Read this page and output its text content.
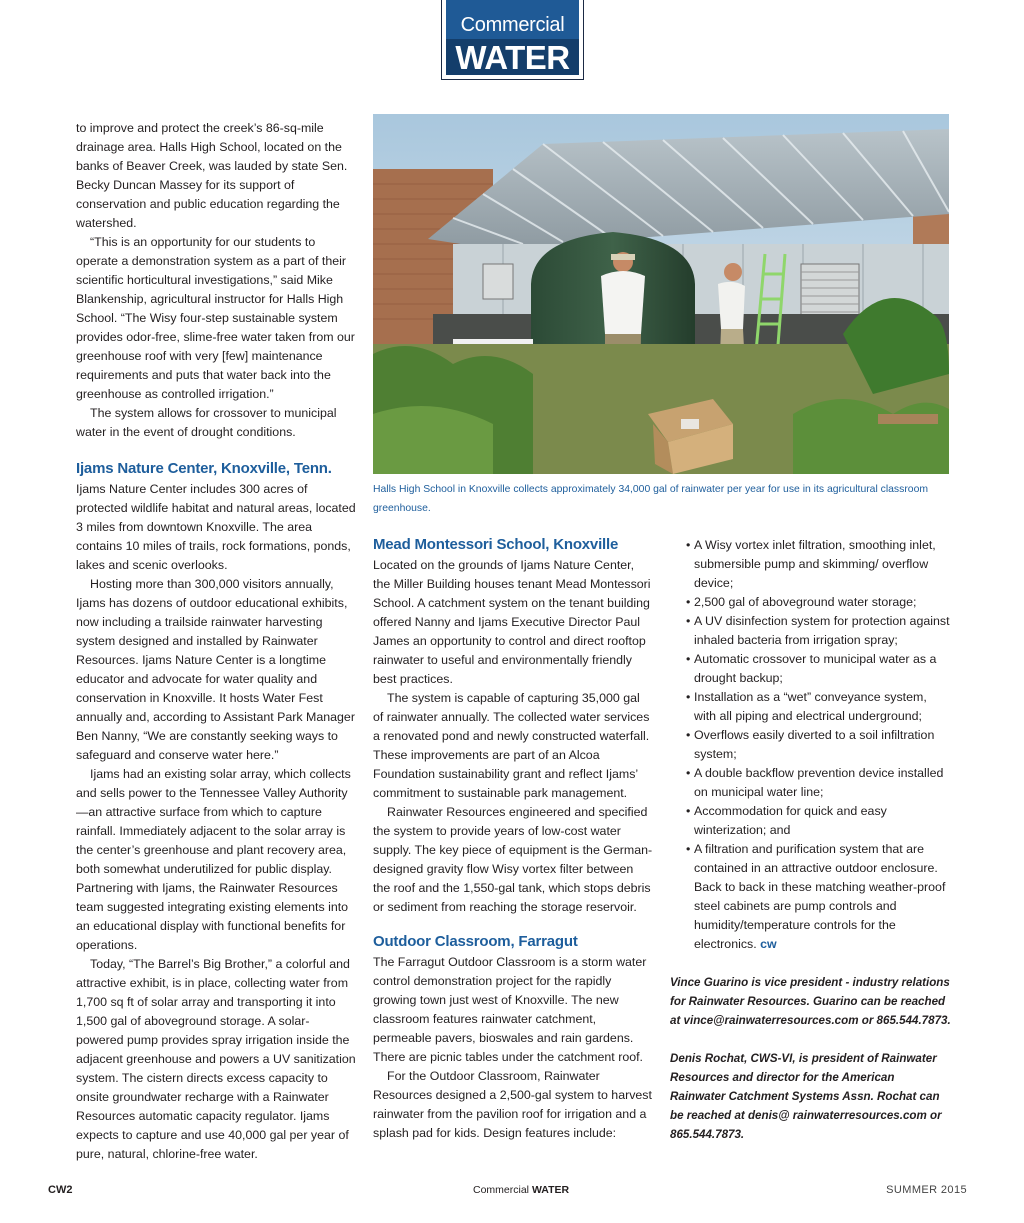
Commercial
WATER

to improve and protect the creek’s 86-sq-mile drainage area. Halls High School, located on the banks of Beaver Creek, was lauded by state Sen. Becky Duncan Massey for its support of conservation and public education regarding the watershed.

“This is an opportunity for our students to operate a demonstration system as a part of their scientific horticultural investigations,” said Mike Blankenship, agricultural instructor for Halls High School. “The Wisy four-step sustainable system provides odor-free, slime-free water taken from our greenhouse roof with very [few] maintenance requirements and puts that water back into the greenhouse as controlled irrigation.”

The system allows for crossover to municipal water in the event of drought conditions.

Ijams Nature Center, Knoxville, Tenn.

Ijams Nature Center includes 300 acres of protected wildlife habitat and natural areas, located 3 miles from downtown Knoxville. The area contains 10 miles of trails, rock formations, ponds, lakes and scenic overlooks.

Hosting more than 300,000 visitors annually, Ijams has dozens of outdoor educational exhibits, now including a trailside rainwater harvesting system designed and installed by Rainwater Resources. Ijams Nature Center is a longtime educator and advocate for water quality and conservation in Knoxville. It hosts Water Fest annually and, according to Assistant Park Manager Ben Nanny, “We are constantly seeking ways to safeguard and conserve water here.”

Ijams had an existing solar array, which collects and sells power to the Tennessee Valley Authority—an attractive surface from which to capture rainfall. Immediately adjacent to the solar array is the center’s greenhouse and plant recovery area, both somewhat underutilized for public display. Partnering with Ijams, the Rainwater Resources team suggested integrating existing elements into an educational display with functional benefits for operations.

Today, “The Barrel’s Big Brother,” a colorful and attractive exhibit, is in place, collecting water from 1,700 sq ft of solar array and transporting it into 1,500 gal of aboveground storage. A solar-powered pump provides spray irrigation inside the adjacent greenhouse and powers a UV sanitization system. The cistern directs excess capacity to onsite groundwater recharge with a Rainwater Resources automatic capacity regulator. Ijams expects to capture and use 40,000 gal per year of pure, natural, chlorine-free water.

Halls High School in Knoxville collects approximately 34,000 gal of rainwater per year for use in its agricultural classroom greenhouse.
Mead Montessori School, Knoxville

Located on the grounds of Ijams Nature Center, the Miller Building houses tenant Mead Montessori School. A catchment system on the tenant building offered Nanny and Ijams Executive Director Paul James an opportunity to control and direct rooftop rainwater to useful and environmentally friendly best practices.

The system is capable of capturing 35,000 gal of rainwater annually. The collected water services a renovated pond and newly constructed waterfall. These improvements are part of an Alcoa Foundation sustainability grant and reflect Ijams’ commitment to sustainable park management.

Rainwater Resources engineered and specified the system to provide years of low-cost water supply. The key piece of equipment is the German-designed gravity flow Wisy vortex filter between the roof and the 1,550-gal tank, which stops debris or sediment from reaching the storage reservoir.

Outdoor Classroom, Farragut

The Farragut Outdoor Classroom is a storm water control demonstration project for the rapidly growing town just west of Knoxville. The new classroom features rainwater catchment, permeable pavers, bioswales and rain gardens. There are picnic tables under the catchment roof.

For the Outdoor Classroom, Rainwater Resources designed a 2,500-gal system to harvest rainwater from the pavilion roof for irrigation and a splash pad for kids. Design features include:

• A Wisy vortex inlet filtration, smoothing inlet, submersible pump and skimming/ overflow device;
• 2,500 gal of aboveground water storage;
• A UV disinfection system for protection against inhaled bacteria from irrigation spray;
• Automatic crossover to municipal water as a drought backup;
• Installation as a “wet” conveyance system, with all piping and electrical underground;
• Overflows easily diverted to a soil infiltration system;
• A double backflow prevention device installed on municipal water line;
• Accommodation for quick and easy winterization; and
• A filtration and purification system that are contained in an attractive outdoor enclosure. Back to back in these matching weather-proof steel cabinets are pump controls and humidity/temperature controls for the electronics. cw

Vince Guarino is vice president - industry relations for Rainwater Resources. Guarino can be reached at vince@rainwaterresources.com or 865.544.7873.

Denis Rochat, CWS-VI, is president of Rainwater Resources and director for the American Rainwater Catchment Systems Assn. Rochat can be reached at denis@ rainwaterresources.com or 865.544.7873.

CW2	Commercial WATER	SUMMER 2015
